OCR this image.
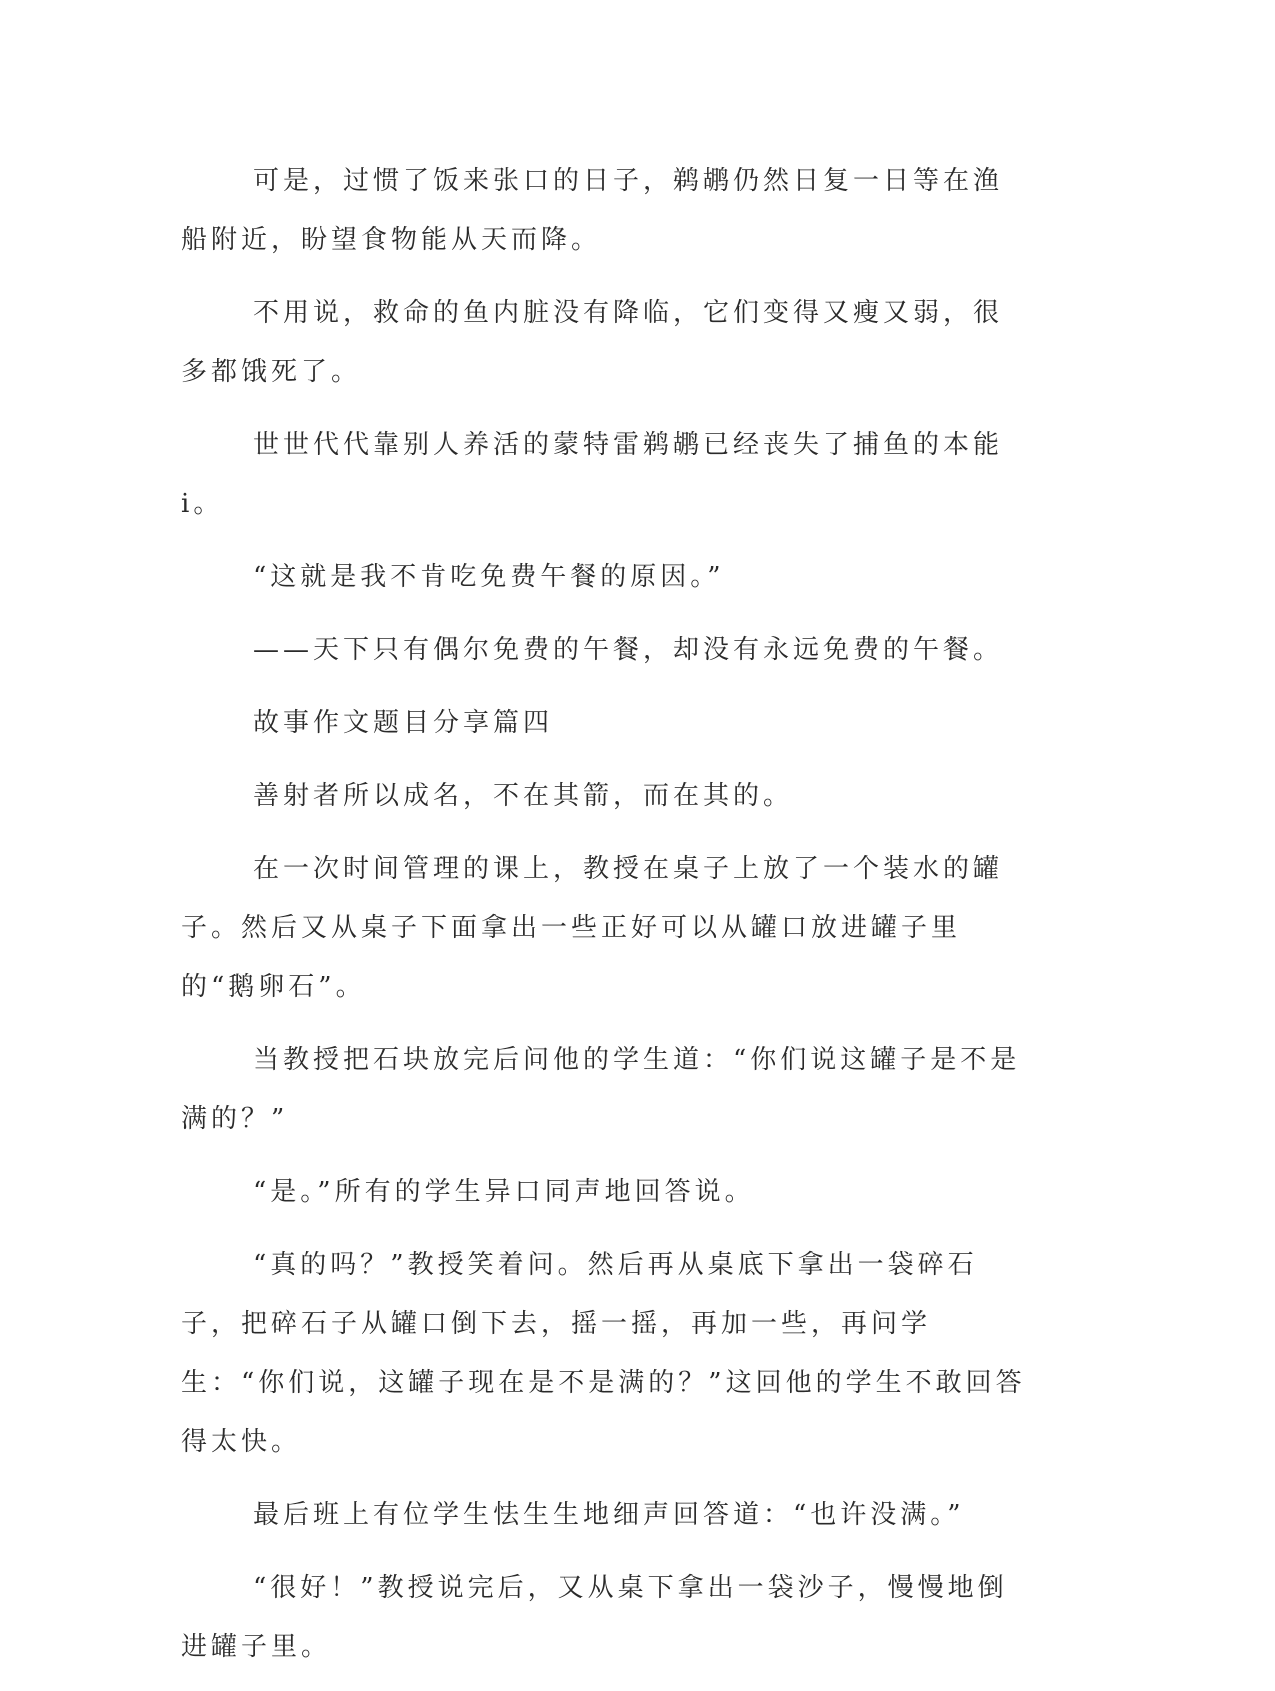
可是，过惯了饭来张口的日子，鹈鹕仍然日复一日等在渔船附近，盼望食物能从天而降。

不用说，救命的鱼内脏没有降临，它们变得又瘦又弱，很多都饿死了。

世世代代靠别人养活的蒙特雷鹈鹕已经丧失了捕鱼的本能i。

“这就是我不肯吃免费午餐的原因。”

——天下只有偶尔免费的午餐，却没有永远免费的午餐。

故事作文题目分享篇四

善射者所以成名，不在其箭，而在其的。

在一次时间管理的课上，教授在桌子上放了一个装水的罐子。然后又从桌子下面拿出一些正好可以从罐口放进罐子里的“鹅卵石”。

当教授把石块放完后问他的学生道：“你们说这罐子是不是满的？”

“是。”所有的学生异口同声地回答说。

“真的吗？”教授笑着问。然后再从桌底下拿出一袋碎石子，把碎石子从罐口倒下去，摇一摇，再加一些，再问学生：“你们说，这罐子现在是不是满的？”这回他的学生不敢回答得太快。

最后班上有位学生怯生生地细声回答道：“也许没满。”

“很好！”教授说完后，又从桌下拿出一袋沙子，慢慢地倒进罐子里。
